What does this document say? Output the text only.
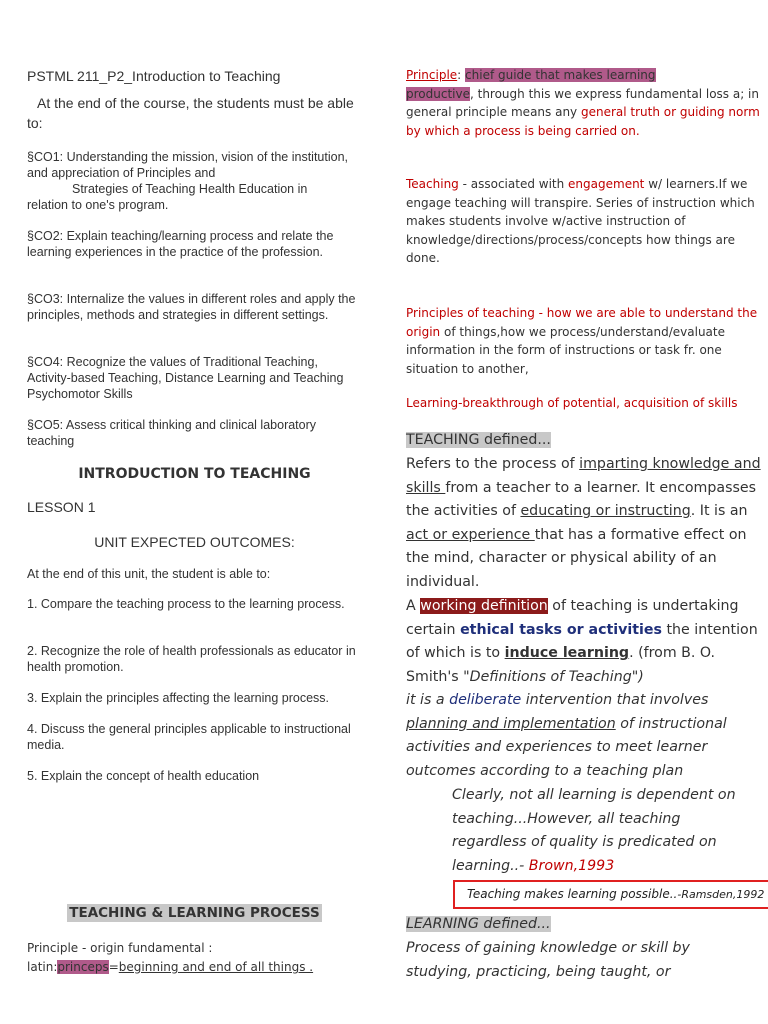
PSTML 211_P2_Introduction to Teaching
At the end of the course, the students must be able to:
§CO1: Understanding the mission, vision of the institution, and appreciation of Principles and
Strategies of Teaching Health Education in
relation to one's program.
§CO2: Explain teaching/learning process and relate the learning experiences in the practice of the profession.
§CO3: Internalize the values in different roles and apply the principles, methods and strategies in different settings.
§CO4: Recognize the values of Traditional Teaching, Activity-based Teaching, Distance Learning and Teaching Psychomotor Skills
§CO5: Assess critical thinking and clinical laboratory teaching
INTRODUCTION TO TEACHING
LESSON 1
UNIT EXPECTED OUTCOMES:
At the end of this unit, the student is able to:
1. Compare the teaching process to the learning process.
2. Recognize the role of health professionals as educator in health promotion.
3. Explain the principles affecting the learning process.
4. Discuss the general principles applicable to instructional media.
5. Explain the concept of health education
TEACHING & LEARNING PROCESS
Principle - origin fundamental :
latin:princeps=beginning and end of all things .
Principle: chief guide that makes learning
productive, through this we express fundamental loss a; in general principle means any general truth or guiding norm by which a process is being carried on.
Teaching - associated with engagement w/ learners.If we engage teaching will transpire. Series of instruction which makes students involve w/active instruction of knowledge/directions/process/concepts how things are done.
Principles of teaching - how we are able to understand the origin of things,how we process/understand/evaluate information in the form of instructions or task fr. one situation to another,
Learning-breakthrough of potential, acquisition of skills
TEACHING defined...
Refers to the process of imparting knowledge and skills from a teacher to a learner. It encompasses the activities of educating or instructing. It is an act or experience that has a formative effect on the mind, character or physical ability of an individual.
A working definition of teaching is undertaking certain ethical tasks or activities the intention of which is to induce learning. (from B. O. Smith's "Definitions of Teaching")
it is a deliberate intervention that involves planning and implementation of instructional activities and experiences to meet learner outcomes according to a teaching plan
Clearly, not all learning is dependent on teaching...However, all teaching regardless of quality is predicated on learning..- Brown,1993
Teaching makes learning possible..-Ramsden,1992
LEARNING defined...
Process of gaining knowledge or skill by studying, practicing, being taught, or
